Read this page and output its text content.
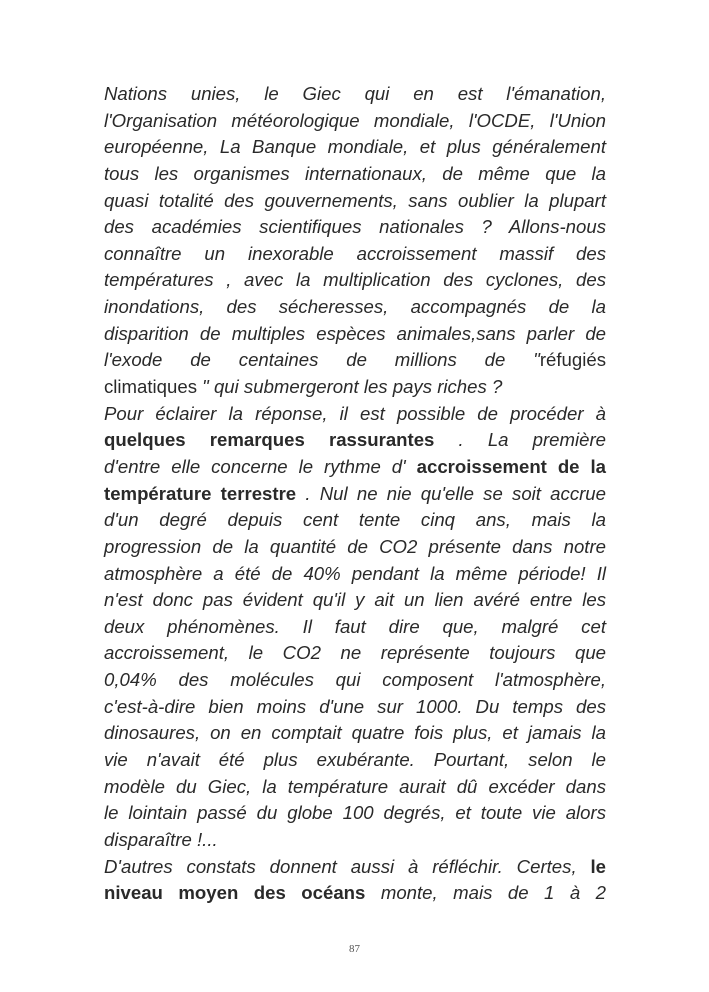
Nations unies, le Giec qui en est l'émanation,
l'Organisation météorologique mondiale, l'OCDE, l'Union
européenne, La Banque mondiale, et plus généralement
tous les organismes internationaux, de même que la
quasi totalité des gouvernements, sans oublier la plupart
des académies scientifiques nationales ? Allons-nous
connaître un inexorable accroissement massif des
températures , avec la multiplication des cyclones, des
inondations, des sécheresses, accompagnés de la
disparition de multiples espèces animales,sans parler de
l'exode de centaines de millions de "réfugiés
climatiques " qui submergeront les pays riches ?
Pour éclairer la réponse, il est possible de procéder à
quelques remarques rassurantes . La première
d'entre elle concerne le rythme d' accroissement de la
température terrestre . Nul ne nie qu'elle se soit accrue
d'un degré depuis cent tente cinq ans, mais la
progression de la quantité de CO2 présente dans notre
atmosphère a été de 40% pendant la même période! Il
n'est donc pas évident qu'il y ait un lien avéré entre les
deux phénomènes. Il faut dire que, malgré cet
accroissement, le CO2 ne représente toujours que
0,04% des molécules qui composent l'atmosphère,
c'est-à-dire bien moins d'une sur 1000. Du temps des
dinosaures, on en comptait quatre fois plus, et jamais la
vie n'avait été plus exubérante. Pourtant, selon le
modèle du Giec, la température aurait dû excéder dans
le lointain passé du globe 100 degrés, et toute vie alors
disparaître !...
D'autres constats donnent aussi à réfléchir. Certes, le
niveau moyen des océans monte, mais de 1 à 2
87
